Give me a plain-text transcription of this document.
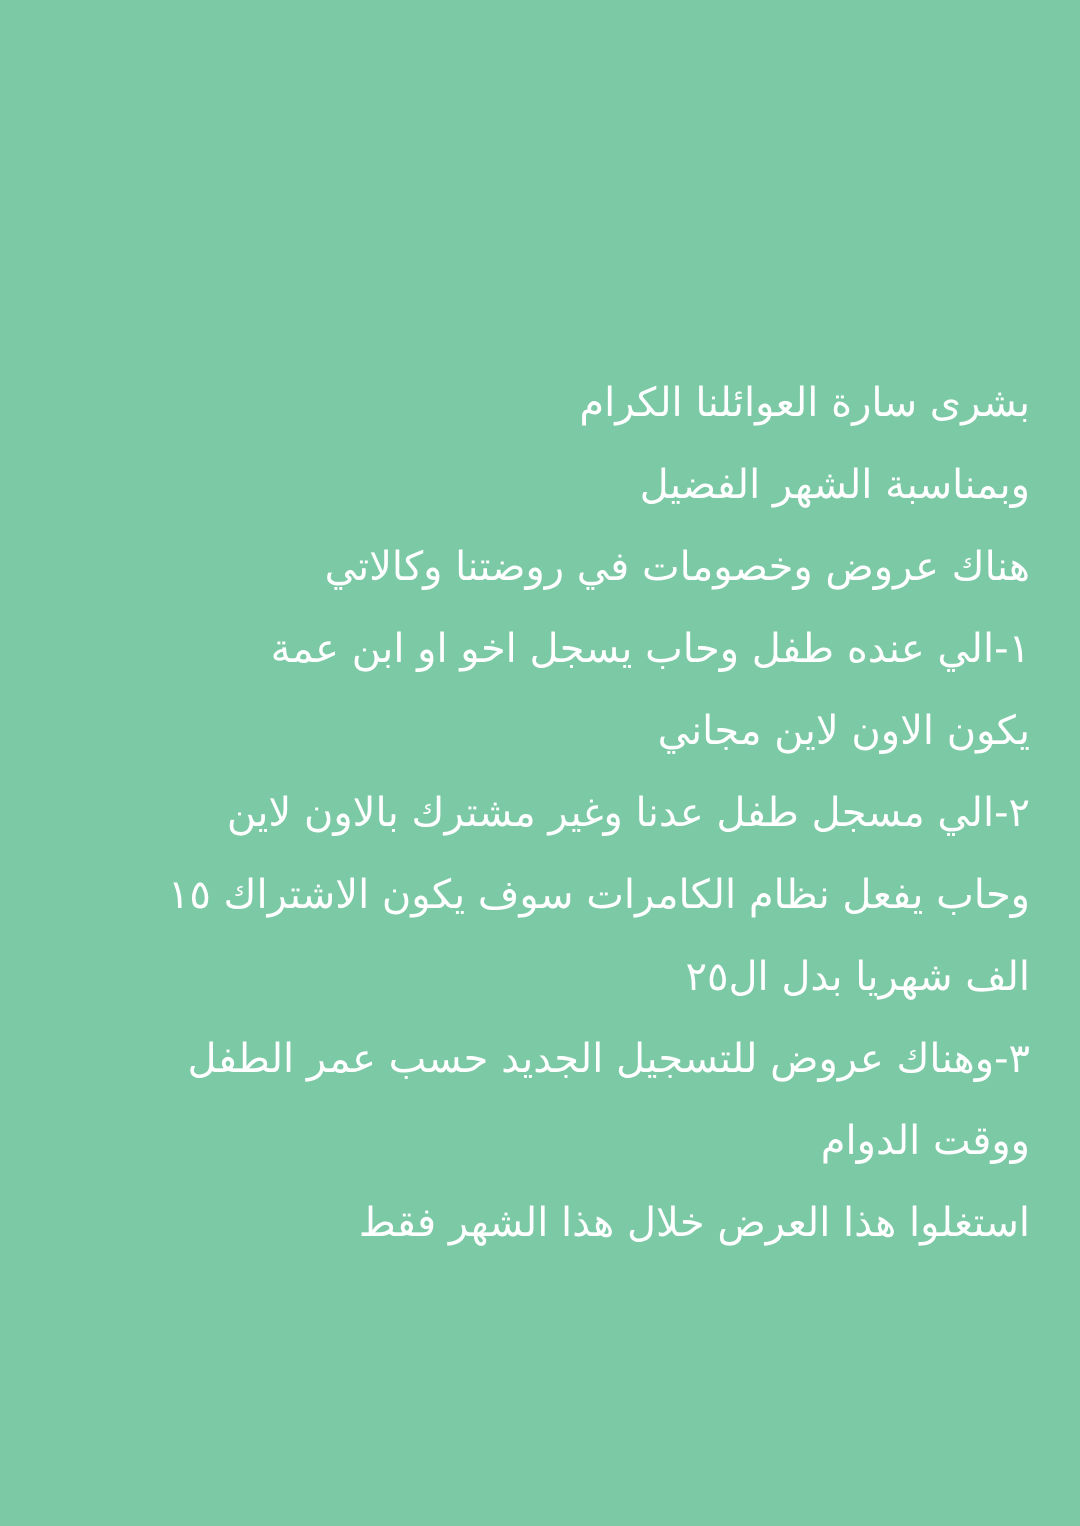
بشرى سارة العوائلنا الكرام
وبمناسبة الشهر الفضيل
هناك عروض وخصومات في روضتنا وكالاتي
١-الي عنده طفل وحاب يسجل اخو او ابن عمة
يكون الاون لاين مجاني
٢-الي مسجل طفل عدنا وغير مشترك بالاون لاين
وحاب يفعل نظام الكامرات سوف يكون الاشتراك ١٥
الف شهريا بدل ال٢٥
٣-وهناك عروض للتسجيل الجديد حسب عمر الطفل
ووقت الدوام
استغلوا هذا العرض خلال هذا الشهر فقط
